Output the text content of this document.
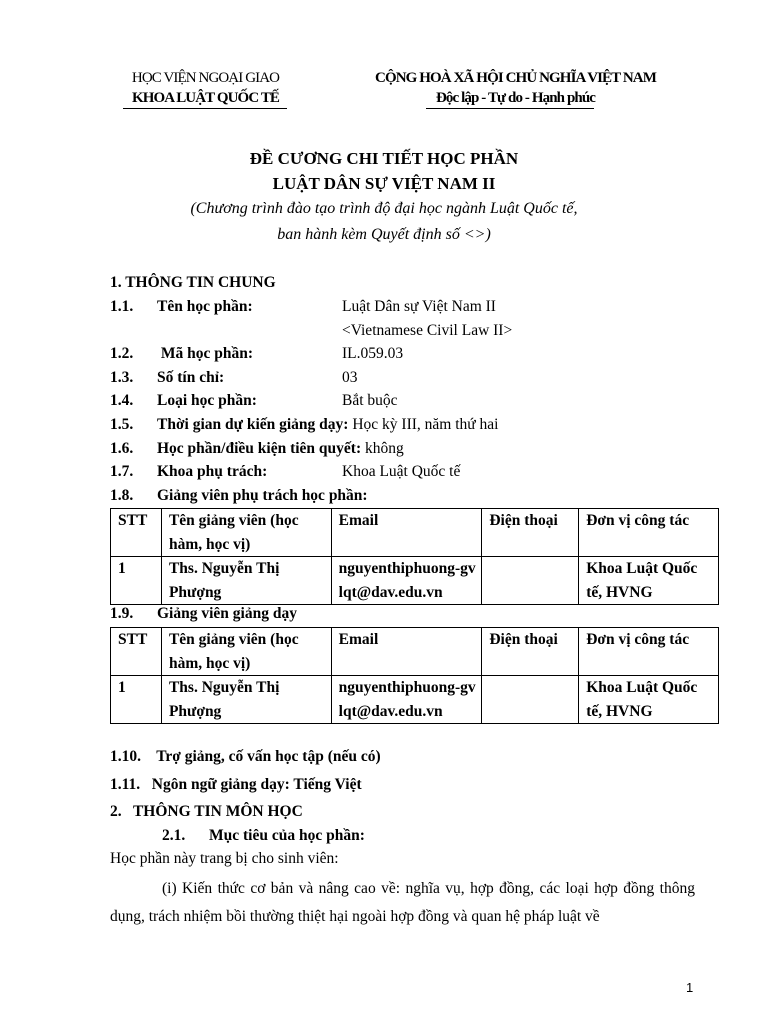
HỌC VIỆN NGOẠI GIAO
KHOA LUẬT QUỐC TẾ
CỘNG HOÀ XÃ HỘI CHỦ NGHĨA VIỆT NAM
Độc lập - Tự do - Hạnh phúc
ĐỀ CƯƠNG CHI TIẾT HỌC PHẦN
LUẬT DÂN SỰ VIỆT NAM II
(Chương trình đào tạo trình độ đại học ngành Luật Quốc tế,
ban hành kèm Quyết định số <>)
1. THÔNG TIN CHUNG
1.1. Tên học phần:	Luật Dân sự Việt Nam II
<Vietnamese Civil Law II>
1.2. Mã học phần:	IL.059.03
1.3. Số tín chỉ:	03
1.4. Loại học phần:	Bắt buộc
1.5. Thời gian dự kiến giảng dạy: Học kỳ III, năm thứ hai
1.6. Học phần/điều kiện tiên quyết: không
1.7. Khoa phụ trách:	Khoa Luật Quốc tế
1.8. Giảng viên phụ trách học phần:
STT	Tên giảng viên (học hàm, học vị)	Email	Điện thoại	Đơn vị công tác
1	Ths. Nguyễn Thị Phượng	nguyenthiphuong-gvlqt@dav.edu.vn		Khoa Luật Quốc tế, HVNG
1.9. Giảng viên giảng dạy
STT	Tên giảng viên (học hàm, học vị)	Email	Điện thoại	Đơn vị công tác
1	Ths. Nguyễn Thị Phượng	nguyenthiphuong-gvlqt@dav.edu.vn		Khoa Luật Quốc tế, HVNG
1.10.    Trợ giảng, cố vấn học tập (nếu có)
1.11.   Ngôn ngữ giảng dạy: Tiếng Việt
2.   THÔNG TIN MÔN HỌC
2.1. Mục tiêu của học phần:
Học phần này trang bị cho sinh viên:
(i) Kiến thức cơ bản và nâng cao về: nghĩa vụ, hợp đồng, các loại hợp đồng thông dụng, trách nhiệm bồi thường thiệt hại ngoài hợp đồng và quan hệ pháp luật về
1
